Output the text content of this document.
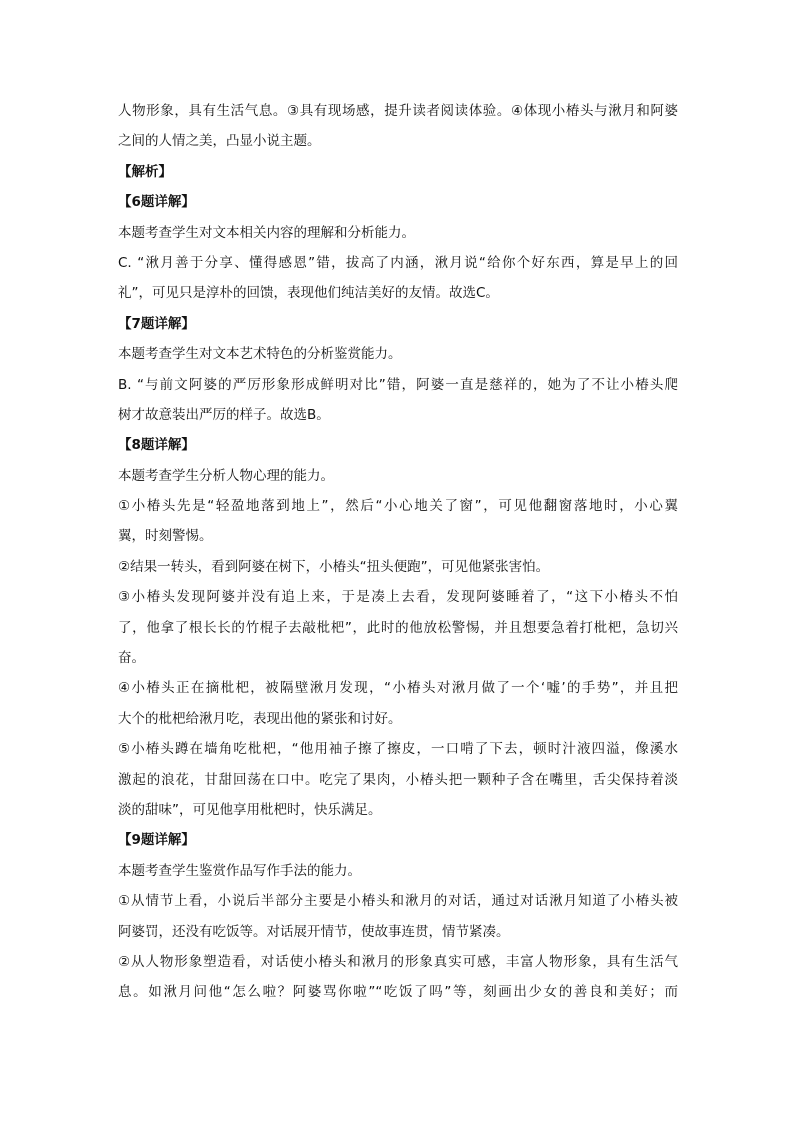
人物形象，具有生活气息。③具有现场感，提升读者阅读体验。④体现小椿头与湫月和阿婆

之间的人情之美，凸显小说主题。

【解析】

【6题详解】

本题考查学生对文本相关内容的理解和分析能力。

C. “湫月善于分享、懂得感恩”错，拔高了内涵，湫月说“给你个好东西，算是早上的回

礼”，可见只是淳朴的回馈，表现他们纯洁美好的友情。故选C。

【7题详解】

本题考查学生对文本艺术特色的分析鉴赏能力。

B. “与前文阿婆的严厉形象形成鲜明对比”错，阿婆一直是慈祥的，她为了不让小椿头爬

树才故意装出严厉的样子。故选B。

【8题详解】

本题考查学生分析人物心理的能力。

①小椿头先是“轻盈地落到地上”，然后“小心地关了窗”，可见他翻窗落地时，小心翼

翼，时刻警惕。

②结果一转头，看到阿婆在树下，小椿头“扭头便跑”，可见他紧张害怕。

③小椿头发现阿婆并没有追上来，于是凑上去看，发现阿婆睡着了，“这下小椿头不怕

了，他拿了根长长的竹棍子去敲枇杷”，此时的他放松警惕，并且想要急着打枇杷，急切兴

奋。

④小椿头正在摘枇杷，被隔壁湫月发现，“小椿头对湫月做了一个‘嘘’的手势”，并且把

大个的枇杷给湫月吃，表现出他的紧张和讨好。

⑤小椿头蹲在墙角吃枇杷，“他用袖子擦了擦皮，一口啃了下去，顿时汁液四溢，像溪水

激起的浪花，甘甜回荡在口中。吃完了果肉，小椿头把一颗种子含在嘴里，舌尖保持着淡

淡的甜味”，可见他享用枇杷时，快乐满足。

【9题详解】

本题考查学生鉴赏作品写作手法的能力。

①从情节上看，小说后半部分主要是小椿头和湫月的对话，通过对话湫月知道了小椿头被

阿婆罚，还没有吃饭等。对话展开情节，使故事连贯，情节紧凑。

②从人物形象塑造看，对话使小椿头和湫月的形象真实可感，丰富人物形象，具有生活气

息。如湫月问他“怎么啦？阿婆骂你啦”“吃饭了吗”等，刻画出少女的善良和美好；而
